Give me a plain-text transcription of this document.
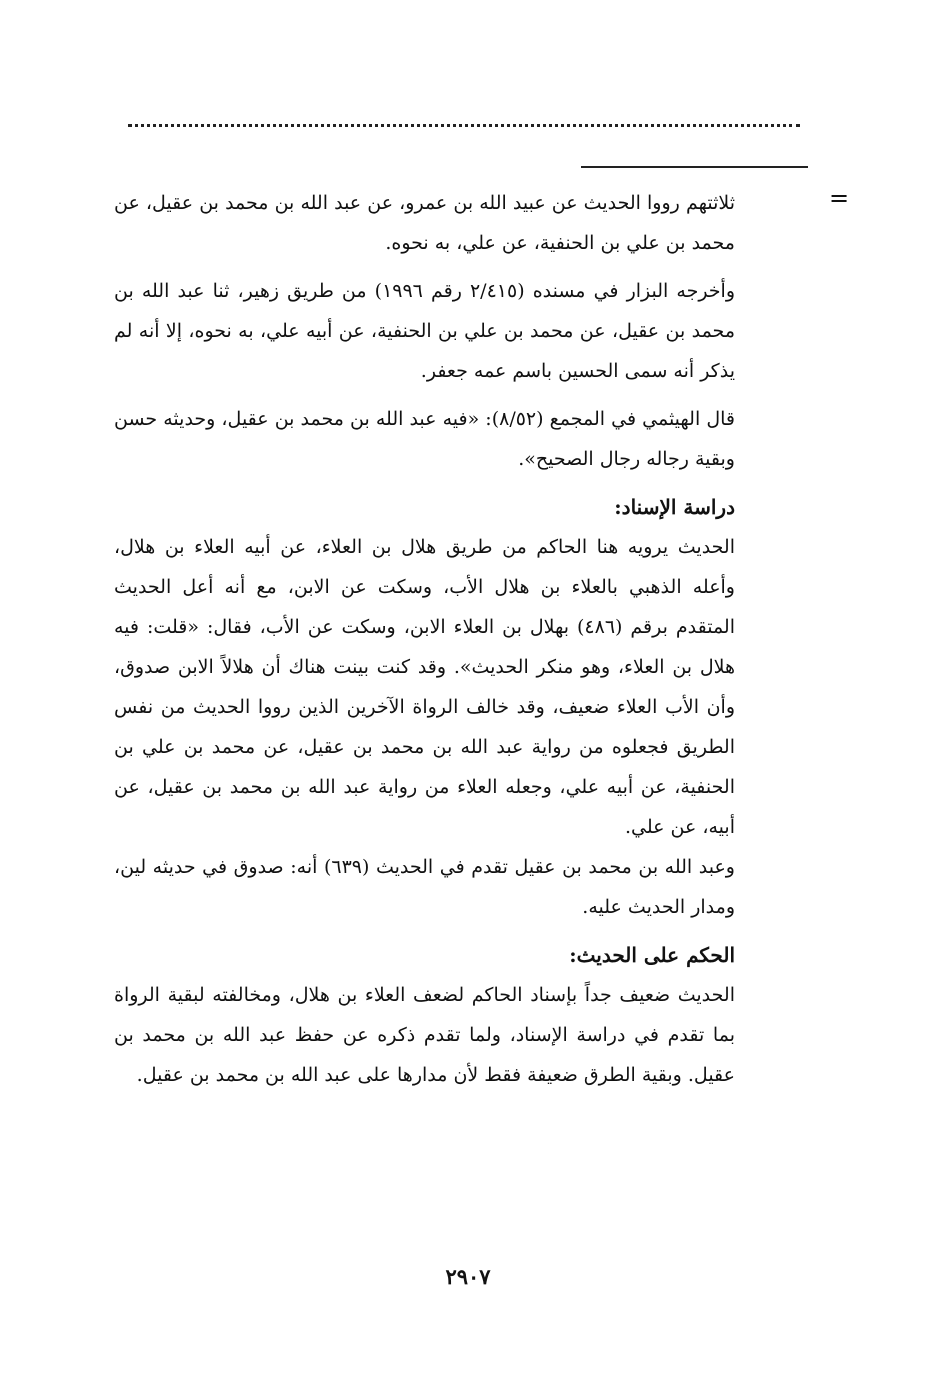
=

ثلاثتهم رووا الحديث عن عبيد الله بن عمرو، عن عبد الله بن محمد بن عقيل، عن محمد بن علي بن الحنفية، عن علي، به نحوه.

وأخرجه البزار في مسنده (٢/٤١٥ رقم ١٩٩٦) من طريق زهير، ثنا عبد الله بن محمد بن عقيل، عن محمد بن علي بن الحنفية، عن أبيه علي، به نحوه، إلا أنه لم يذكر أنه سمى الحسين باسم عمه جعفر.

قال الهيثمي في المجمع (٨/٥٢): «فيه عبد الله بن محمد بن عقيل، وحديثه حسن وبقية رجاله رجال الصحيح».

دراسة الإسناد:

الحديث يرويه هنا الحاكم من طريق هلال بن العلاء، عن أبيه العلاء بن هلال، وأعله الذهبي بالعلاء بن هلال الأب، وسكت عن الابن، مع أنه أعل الحديث المتقدم برقم (٤٨٦) بهلال بن العلاء الابن، وسكت عن الأب، فقال: «قلت: فيه هلال بن العلاء، وهو منكر الحديث». وقد كنت بينت هناك أن هلالاً الابن صدوق، وأن الأب العلاء ضعيف، وقد خالف الرواة الآخرين الذين رووا الحديث من نفس الطريق فجعلوه من رواية عبد الله بن محمد بن عقيل، عن محمد بن علي بن الحنفية، عن أبيه علي، وجعله العلاء من رواية عبد الله بن محمد بن عقيل، عن أبيه، عن علي.

وعبد الله بن محمد بن عقيل تقدم في الحديث (٦٣٩) أنه: صدوق في حديثه لين، ومدار الحديث عليه.

الحكم على الحديث:

الحديث ضعيف جداً بإسناد الحاكم لضعف العلاء بن هلال، ومخالفته لبقية الرواة بما تقدم في دراسة الإسناد، ولما تقدم ذكره عن حفظ عبد الله بن محمد بن عقيل. وبقية الطرق ضعيفة فقط لأن مدارها على عبد الله بن محمد بن عقيل.

٢٩٠٧
